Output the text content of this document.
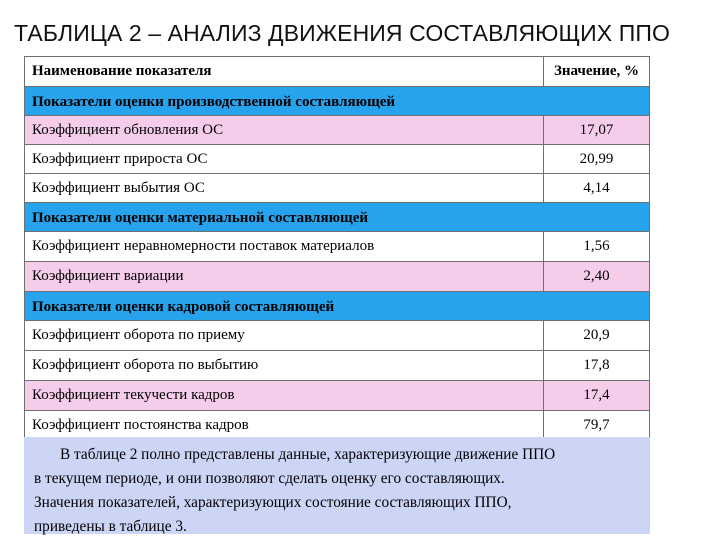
ТАБЛИЦА 2 – АНАЛИЗ ДВИЖЕНИЯ СОСТАВЛЯЮЩИХ ППО
Наименование показателя	Значение, %
Показатели оценки производственной составляющей	
Коэффициент обновления ОС	17,07
Коэффициент прироста ОС	20,99
Коэффициент выбытия ОС	4,14
Показатели оценки материальной составляющей	
Коэффициент неравномерности поставок материалов	1,56
Коэффициент вариации	2,40
Показатели оценки кадровой составляющей	
Коэффициент оборота по приему	20,9
Коэффициент оборота по выбытию	17,8
Коэффициент текучести кадров	17,4
Коэффициент постоянства кадров	79,7
В таблице 2 полно представлены данные, характеризующие движение ППО
в текущем периоде, и они позволяют сделать оценку его составляющих.
Значения показателей, характеризующих состояние составляющих ППО,
приведены в таблице 3.
